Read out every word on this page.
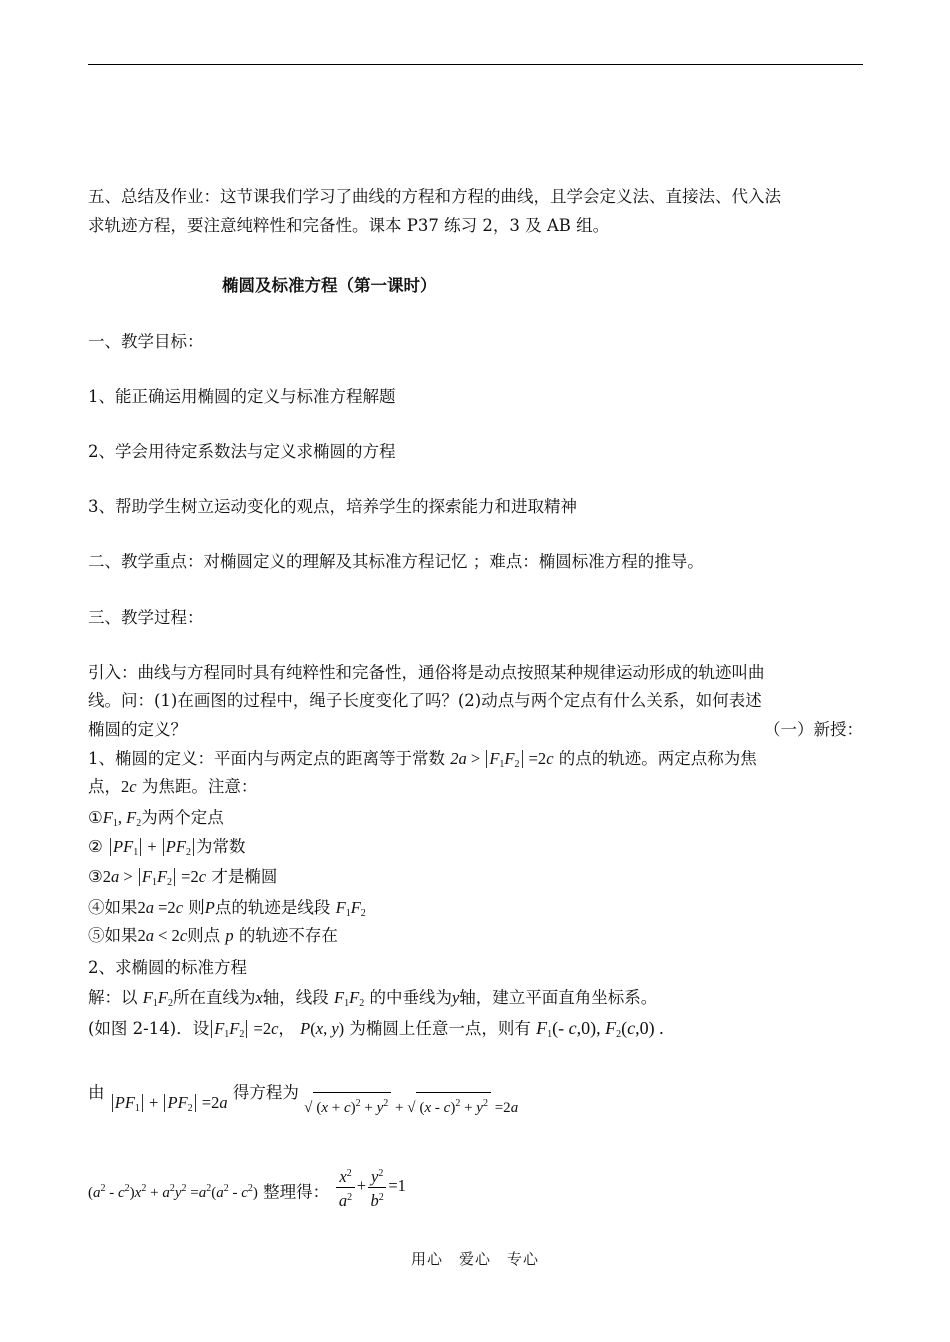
五、总结及作业：这节课我们学习了曲线的方程和方程的曲线，且学会定义法、直接法、代入法
求轨迹方程，要注意纯粹性和完备性。课本 P37 练习 2，3 及 AB 组。
椭圆及标准方程（第一课时）
一、教学目标：
1、能正确运用椭圆的定义与标准方程解题
2、学会用待定系数法与定义求椭圆的方程
3、帮助学生树立运动变化的观点，培养学生的探索能力和进取精神
二、教学重点：对椭圆定义的理解及其标准方程记忆 ；难点：椭圆标准方程的推导。
三、教学过程：
引入：曲线与方程同时具有纯粹性和完备性，通俗将是动点按照某种规律运动形成的轨迹叫曲
线。问：(1)在画图的过程中，绳子长度变化了吗？(2)动点与两个定点有什么关系，如何表述
椭圆的定义？	（一）新授：
1、椭圆的定义：平面内与两定点的距离等于常数 $2a > F_1F_2 =2c$ 的点的轨迹。两定点称为焦
点，2c 为焦距。注意：
$①F_1$, $F_2$为两个定点
② $PF_1 + PF_2$ 为常数
③2a > $F_1F_2 =2c$ 才是椭圆
④如果2a =2c 则P点的轨迹是线段 $F_1F_2$
⑤如果2a < 2c则点 p 的轨迹不存在
2、求椭圆的标准方程
解：以 $F_1F_2$所在直线为x轴，线段 $F_1F_2$ 的中垂线为y轴，建立平面直角坐标系。
(如图 2-14)．设 $F_1F_2 =2c$， P(x, y) 为椭圆上任意一点，则有 $F_1(-$ c,0), $F_2(c,0)$ .
由 $PF_1 + PF_2 =2a$ 得方程为 √ $(x + c)^2 + y^2$ + √ $(x - c)^2 + y^2 =2a$
$(a^2 - c^2)x^2 + a^2y^2 =a^2(a^2 - c^2)$ 整理得： $\frac{x^2}{a^2} + \frac{y^2}{b^2} =1$
用心　爱心　专心
